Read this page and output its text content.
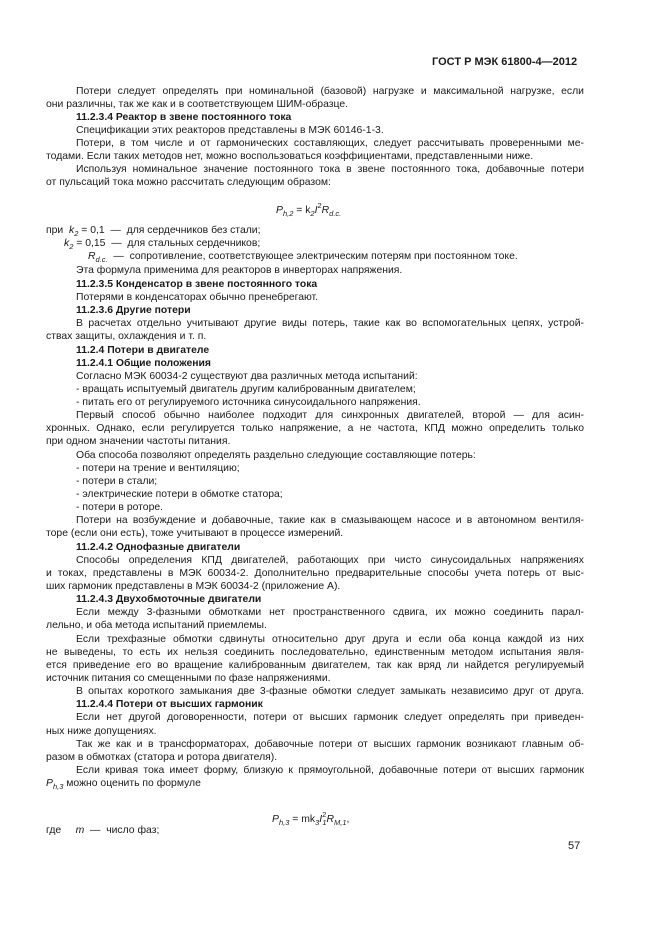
ГОСТ Р МЭК 61800-4—2012
Потери следует определять при номинальной (базовой) нагрузке и максимальной нагрузке, если
они различны, так же как и в соответствующем ШИМ-образце.
11.2.3.4 Реактор в звене постоянного тока
Спецификации этих реакторов представлены в МЭК 60146-1-3.
Потери, в том числе и от гармонических составляющих, следует рассчитывать проверенными ме-
тодами. Если таких методов нет, можно воспользоваться коэффициентами, представленными ниже.
Используя номинальное значение постоянного тока в звене постоянного тока, добавочные потери
от пульсаций тока можно рассчитать следующим образом:
$P_{h,2} = k_2I^2R_{d.c.}$
при $k_2 = 0,1$ — для сердечников без стали;
$k_2 = 0,15$ — для стальных сердечников;
$R_{d.c.}$ — сопротивление, соответствующее электрическим потерям при постоянном токе.
Эта формула применима для реакторов в инверторах напряжения.
11.2.3.5 Конденсатор в звене постоянного тока
Потерями в конденсаторах обычно пренебрегают.
11.2.3.6 Другие потери
В расчетах отдельно учитывают другие виды потерь, такие как во вспомогательных цепях, устрой-
ствах защиты, охлаждения и т. п.
11.2.4 Потери в двигателе
11.2.4.1 Общие положения
Согласно МЭК 60034-2 существуют два различных метода испытаний:
- вращать испытуемый двигатель другим калиброванным двигателем;
- питать его от регулируемого источника синусоидального напряжения.
Первый способ обычно наиболее подходит для синхронных двигателей, второй — для асин-
хронных. Однако, если регулируется только напряжение, а не частота, КПД можно определить только
при одном значении частоты питания.
Оба способа позволяют определять раздельно следующие составляющие потерь:
- потери на трение и вентиляцию;
- потери в стали;
- электрические потери в обмотке статора;
- потери в роторе.
Потери на возбуждение и добавочные, такие как в смазывающем насосе и в автономном вентиля-
торе (если они есть), тоже учитывают в процессе измерений.
11.2.4.2 Однофазные двигатели
Способы определения КПД двигателей, работающих при чисто синусоидальных напряжениях
и токах, представлены в МЭК 60034-2. Дополнительно предварительные способы учета потерь от выс-
ших гармоник представлены в МЭК 60034-2 (приложение А).
11.2.4.3 Двухобмоточные двигатели
Если между 3-фазными обмотками нет пространственного сдвига, их можно соединить парал-
лельно, и оба метода испытаний приемлемы.
Если трехфазные обмотки сдвинуты относительно друг друга и если оба конца каждой из них
не выведены, то есть их нельзя соединить последовательно, единственным методом испытания явля-
ется приведение его во вращение калиброванным двигателем, так как вряд ли найдется регулируемый
источник питания со смещенными по фазе напряжениями.
В опытах короткого замыкания две 3-фазные обмотки следует замыкать независимо друг от друга.
11.2.4.4 Потери от высших гармоник
Если нет другой договоренности, потери от высших гармоник следует определять при приведен-
ных ниже допущениях.
Так же как и в трансформаторах, добавочные потери от высших гармоник возникают главным об-
разом в обмотках (статора и ротора двигателя).
Если кривая тока имеет форму, близкую к прямоугольной, добавочные потери от высших гармоник
$P_{h,3}$ можно оценить по формуле
$P_{h,3} = mk_3I^2_1R_{M,1}$,
где m — число фаз;
57
